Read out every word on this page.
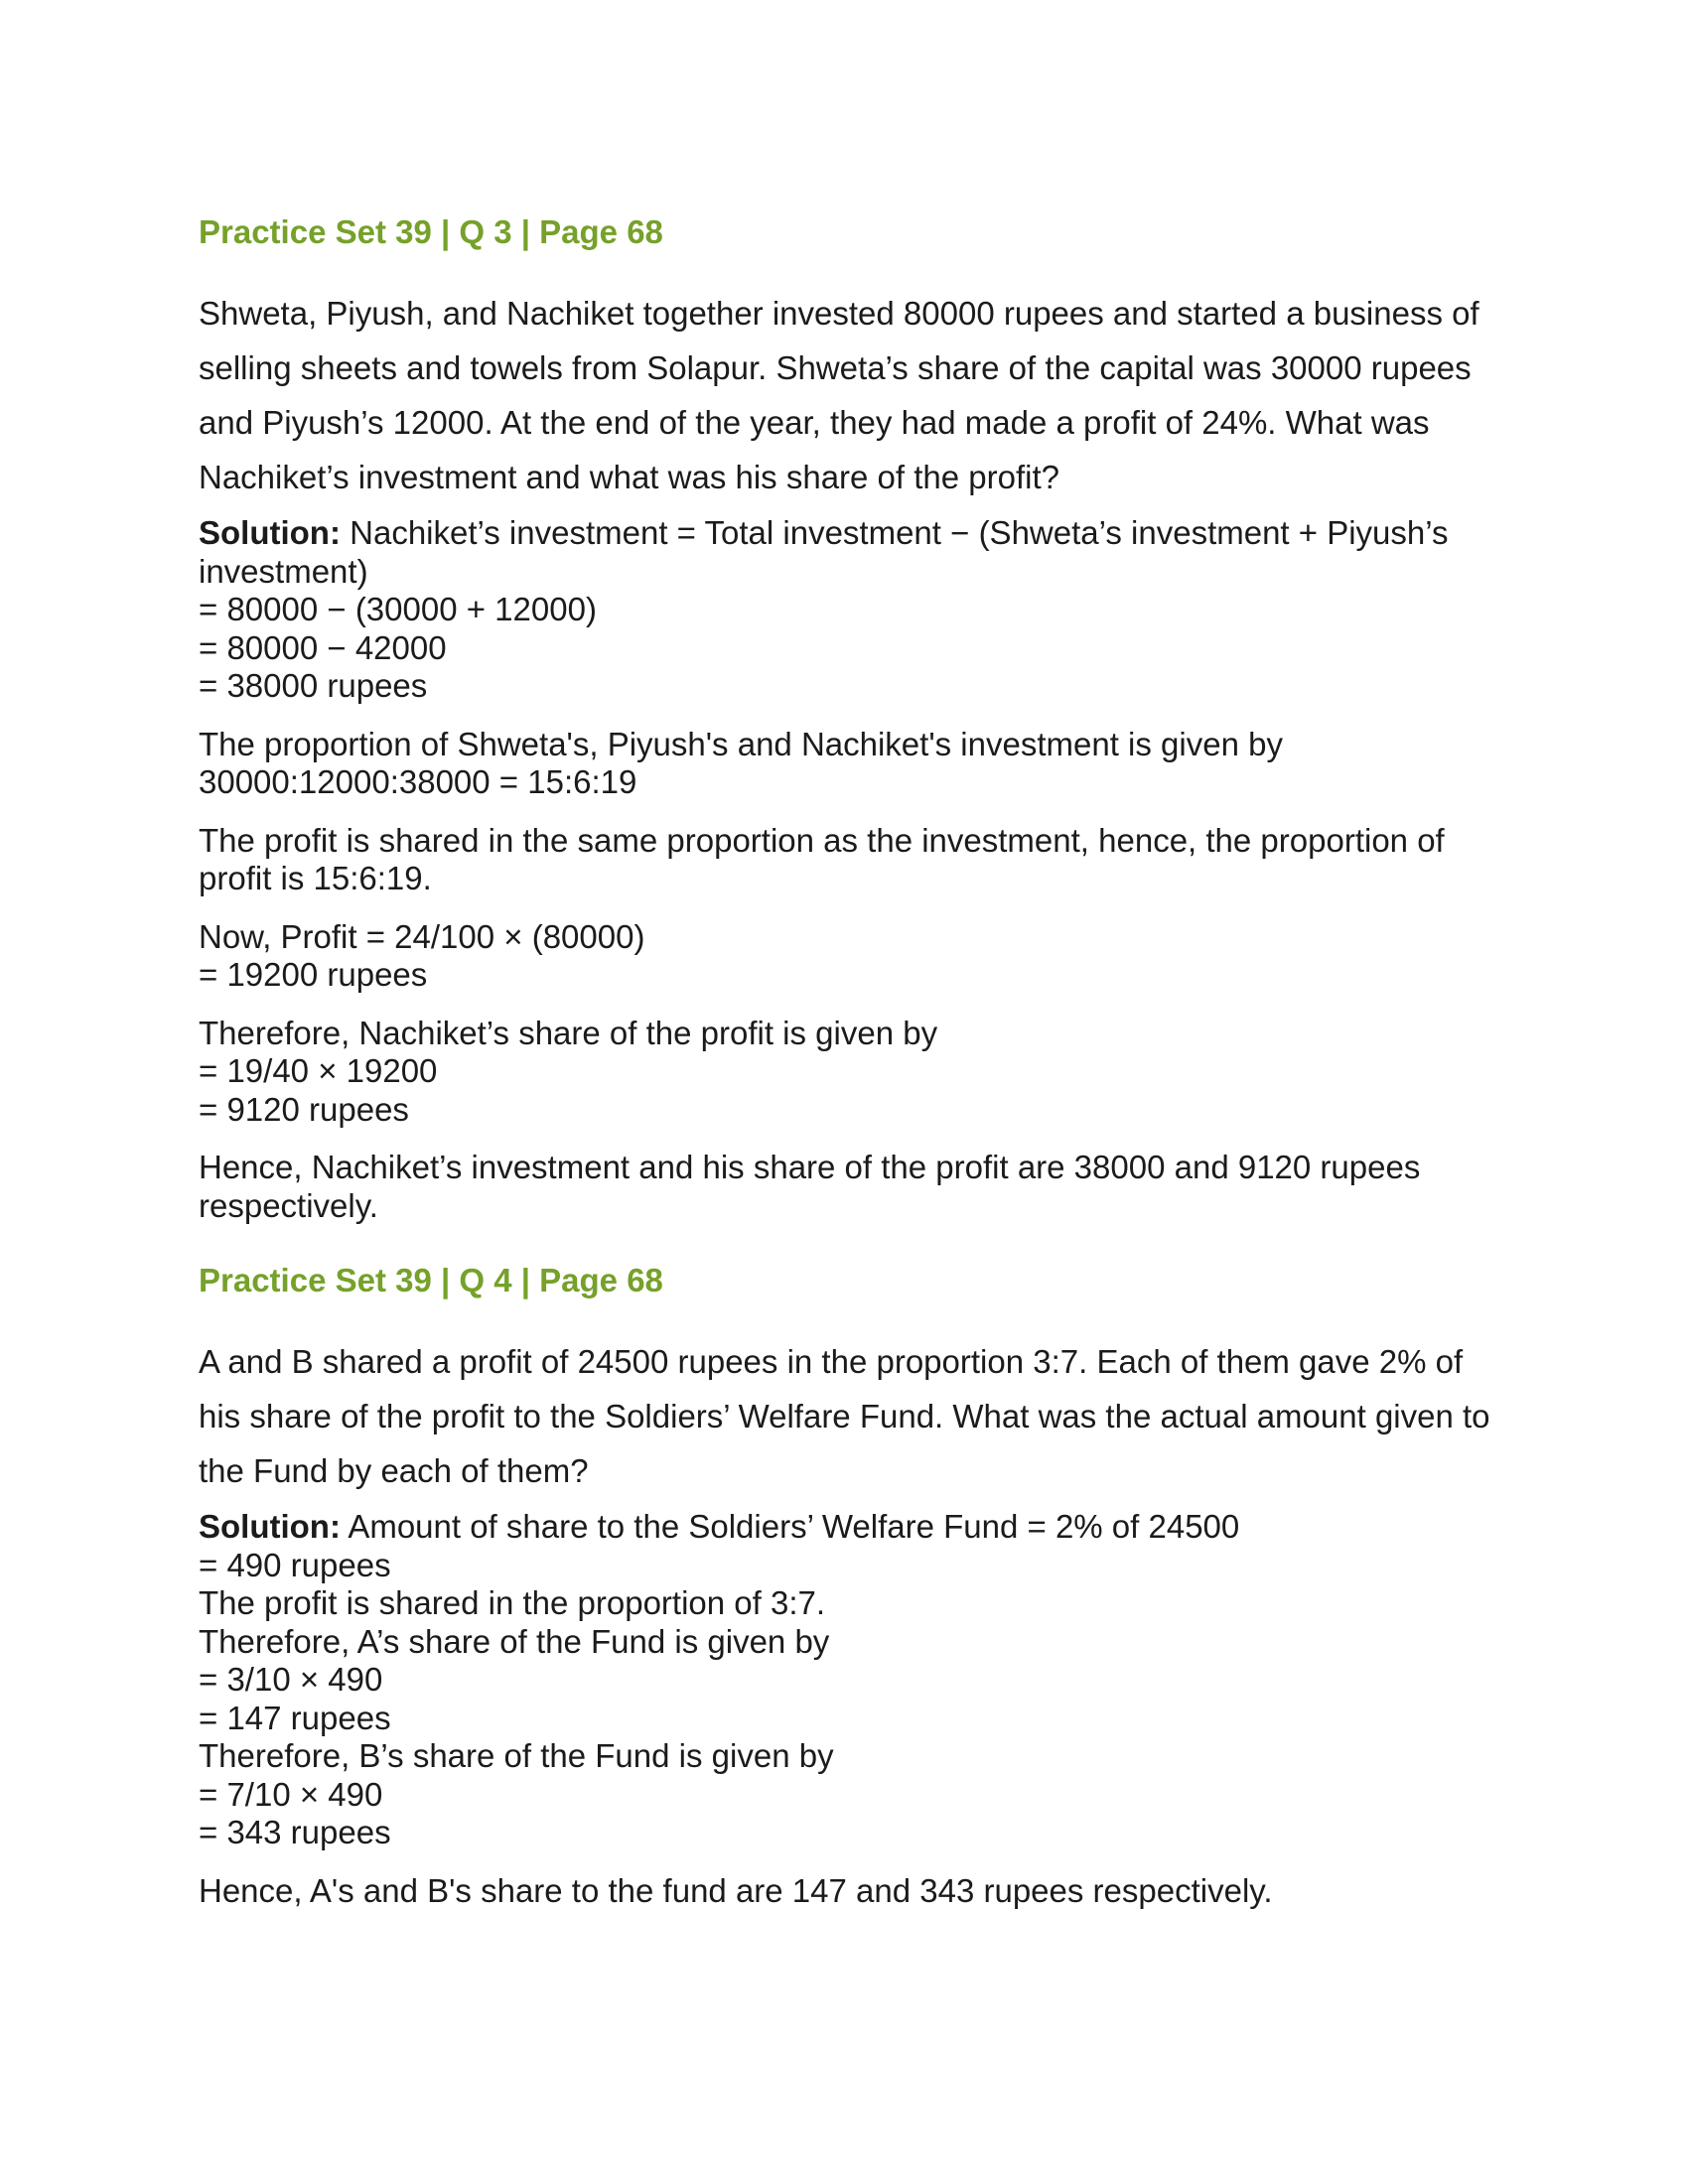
Practice Set 39 | Q 3 | Page 68

Shweta, Piyush, and Nachiket together invested 80000 rupees and started a business of selling sheets and towels from Solapur. Shweta’s share of the capital was 30000 rupees and Piyush’s 12000. At the end of the year, they had made a profit of 24%. What was Nachiket’s investment and what was his share of the profit?

Solution: Nachiket’s investment = Total investment − (Shweta’s investment + Piyush’s investment)
= 80000 − (30000 + 12000)
= 80000 − 42000
= 38000 rupees
The proportion of Shweta's, Piyush's and Nachiket's investment is given by
30000:12000:38000 = 15:6:19
The profit is shared in the same proportion as the investment, hence, the proportion of profit is 15:6:19.
Now, Profit = 24/100 × (80000)
= 19200 rupees
Therefore, Nachiket’s share of the profit is given by
= 19/40 × 19200
= 9120 rupees
Hence, Nachiket’s investment and his share of the profit are 38000 and 9120 rupees respectively.
Practice Set 39 | Q 4 | Page 68

A and B shared a profit of 24500 rupees in the proportion 3:7. Each of them gave 2% of his share of the profit to the Soldiers’ Welfare Fund. What was the actual amount given to the Fund by each of them?

Solution: Amount of share to the Soldiers’ Welfare Fund = 2% of 24500
= 490 rupees
The profit is shared in the proportion of 3:7.
Therefore, A’s share of the Fund is given by
= 3/10 × 490
= 147 rupees
Therefore, B’s share of the Fund is given by
= 7/10 × 490
= 343 rupees
Hence, A's and B's share to the fund are 147 and 343 rupees respectively.
